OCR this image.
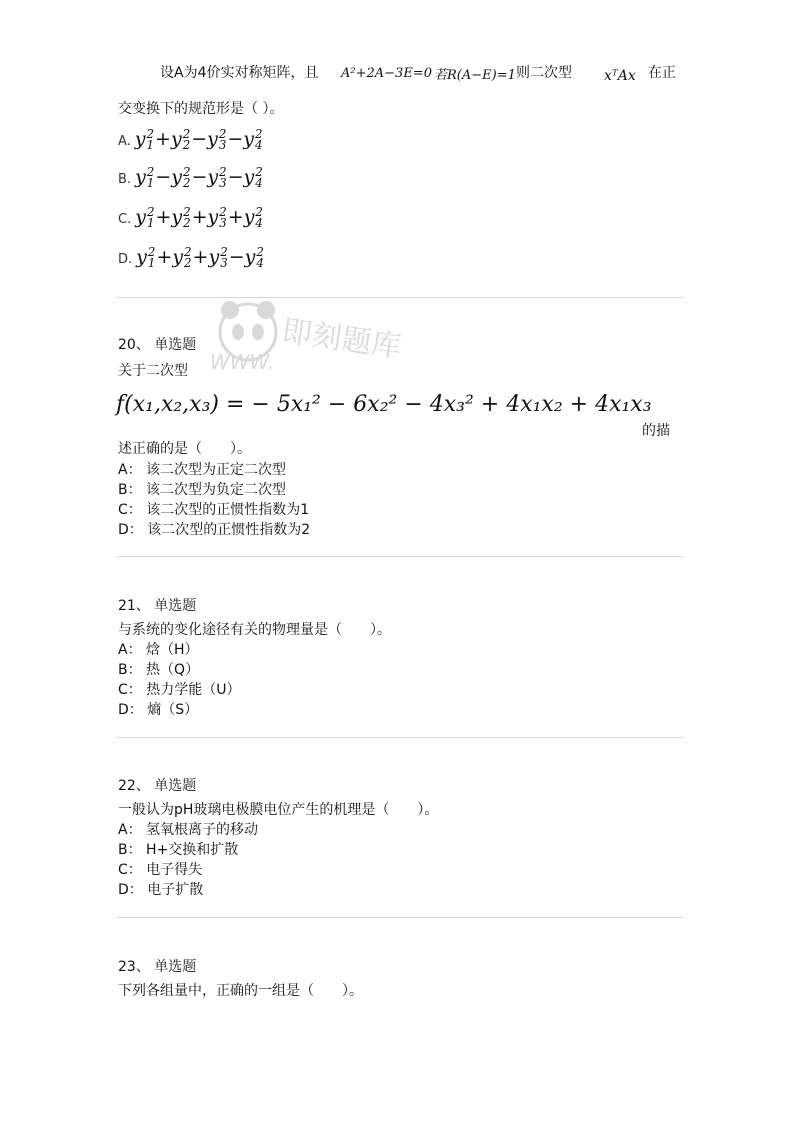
即刻题库
WWW.
设A为4价实对称矩阵，且 A²+2A−3E=0 若R(A−E)=1 则二次型 xᵀAx 在正
交变换下的规范形是（ ）。
A. y 2
1 +y 2
2 −y 2
3 −y 2
4
B. y 2
1 −y 2
2 −y 2
3 −y 2
4
C. y 2
1 +y 2
2 +y 2
3 +y 2
4
D. y 2
1 +y 2
2 +y 2
3 −y 2
4
20、 单选题
关于二次型
f(x₁,x₂,x₃) = − 5x₁² − 6x₂² − 4x₃² + 4x₁x₂ + 4x₁x₃
的描
述正确的是（　　）。
A： 该二次型为正定二次型
B： 该二次型为负定二次型
C： 该二次型的正惯性指数为1
D： 该二次型的正惯性指数为2
21、 单选题
与系统的变化途径有关的物理量是（　　）。
A： 焓（H）
B： 热（Q）
C： 热力学能（U）
D： 熵（S）
22、 单选题
一般认为pH玻璃电极膜电位产生的机理是（　　）。
A： 氢氧根离子的移动
B： H+交换和扩散
C： 电子得失
D： 电子扩散
23、 单选题
下列各组量中，正确的一组是（　　）。
